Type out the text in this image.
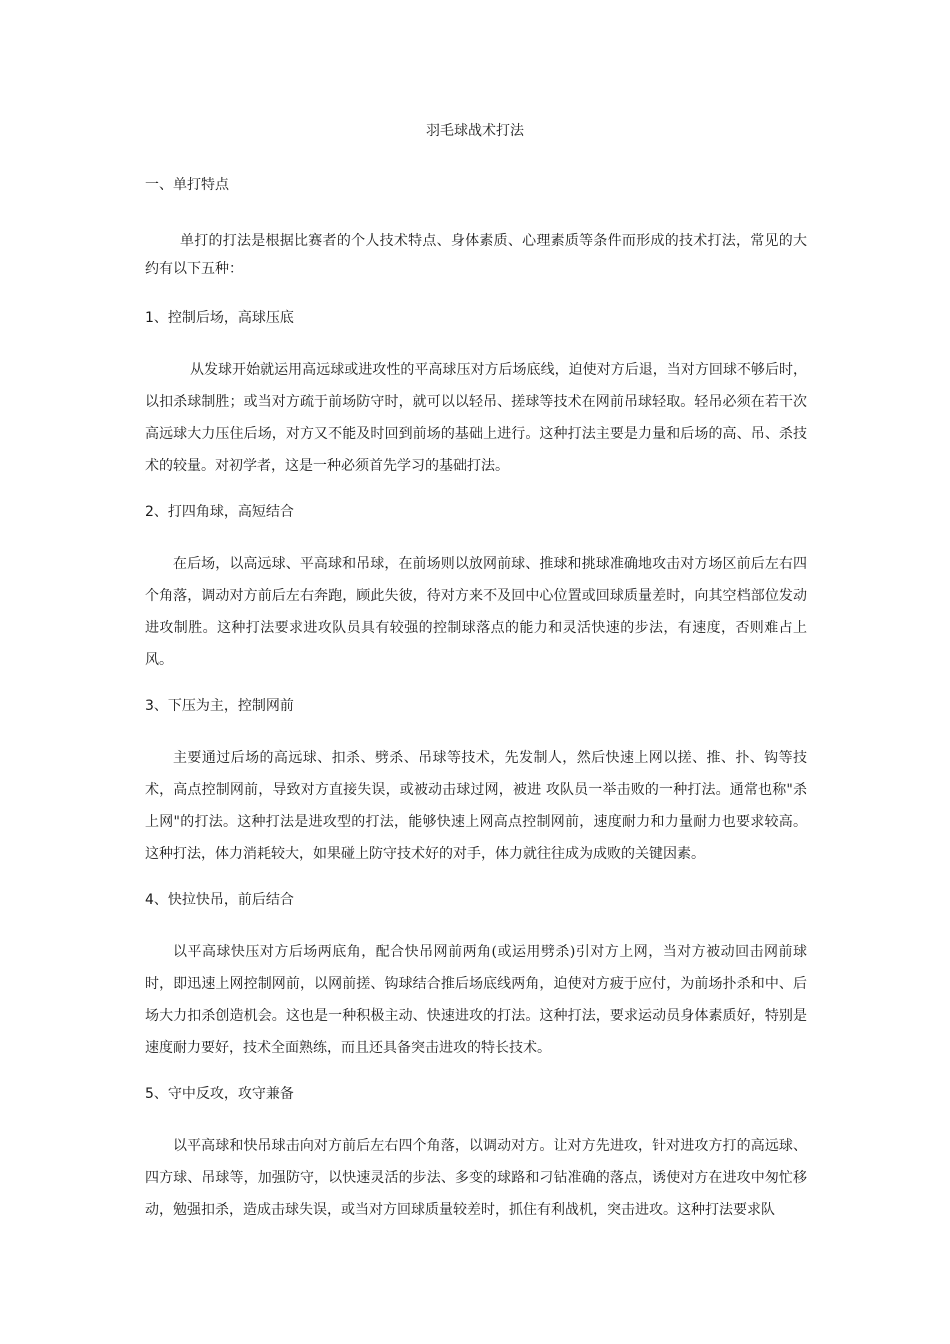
羽毛球战术打法
一、单打特点
单打的打法是根据比赛者的个人技术特点、身体素质、心理素质等条件而形成的技术打法，常见的大约有以下五种：
1、控制后场，高球压底
从发球开始就运用高远球或进攻性的平高球压对方后场底线，迫使对方后退，当对方回球不够后时，以扣杀球制胜；或当对方疏于前场防守时，就可以以轻吊、搓球等技术在网前吊球轻取。轻吊必须在若干次高远球大力压住后场，对方又不能及时回到前场的基础上进行。这种打法主要是力量和后场的高、吊、杀技术的较量。对初学者，这是一种必须首先学习的基础打法。
2、打四角球，高短结合
在后场，以高远球、平高球和吊球，在前场则以放网前球、推球和挑球准确地攻击对方场区前后左右四个角落，调动对方前后左右奔跑，顾此失彼，待对方来不及回中心位置或回球质量差时，向其空档部位发动进攻制胜。这种打法要求进攻队员具有较强的控制球落点的能力和灵活快速的步法，有速度，否则难占上风。
3、下压为主，控制网前
主要通过后场的高远球、扣杀、劈杀、吊球等技术，先发制人，然后快速上网以搓、推、扑、钩等技术，高点控制网前，导致对方直接失误，或被动击球过网，被进 攻队员一举击败的一种打法。通常也称"杀上网"的打法。这种打法是进攻型的打法，能够快速上网高点控制网前，速度耐力和力量耐力也要求较高。这种打法，体力消耗较大，如果碰上防守技术好的对手，体力就往往成为成败的关键因素。
4、快拉快吊，前后结合
以平高球快压对方后场两底角，配合快吊网前两角(或运用劈杀)引对方上网，当对方被动回击网前球时，即迅速上网控制网前，以网前搓、钩球结合推后场底线两角，迫使对方疲于应付，为前场扑杀和中、后场大力扣杀创造机会。这也是一种积极主动、快速进攻的打法。这种打法，要求运动员身体素质好，特别是速度耐力要好，技术全面熟练，而且还具备突击进攻的特长技术。
5、守中反攻，攻守兼备
以平高球和快吊球击向对方前后左右四个角落，以调动对方。让对方先进攻，针对进攻方打的高远球、四方球、吊球等，加强防守，以快速灵活的步法、多变的球路和刁钻准确的落点，诱使对方在进攻中匆忙移动，勉强扣杀，造成击球失误，或当对方回球质量较差时，抓住有利战机，突击进攻。这种打法要求队
